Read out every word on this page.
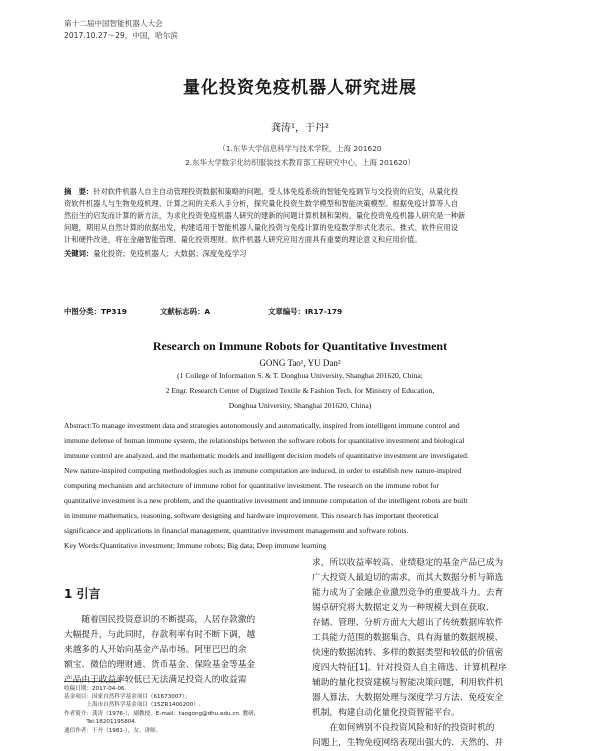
第十二届中国智能机器人大会
2017.10.27～29，中国，哈尔滨
量化投资免疫机器人研究进展
龚涛¹，于丹²
（1.东华大学信息科学与技术学院，上海 201620
2.东华大学数字化纺织服装技术教育部工程研究中心，上海 201620）
摘　要：针对软件机器人自主自动管理投资数据和策略的问题，受人体免疫系统的智能免疫调节与交投资的启发，从量化投
资软件机器人与生物免疫机理、计算之间的关系入手分析，探究量化投资生数学模型和智能决策模型。根据免疫计算等人自
然衍生的启发而计算的新方法，为求化投资免疫机器人研究的建新的问题计算机制和架构。量化投资免疫机器人研究是一种新
问题，期用从自然计算的依据出发，构建适用于智能机器人量化投资与免疫计算的免疫数学形式化表示、推式、软件应用设
计和硬件改进，将在金融智能管理、量化投资理财、软件机器人研究应用方面具有重要的理论意义和应用价值。
关键词：量化投资；免疫机器人；大数据；深度免疫学习
中图分类：TP319	文献标志码：A	文章编号：IR17-179
Research on Immune Robots for Quantitative Investment
GONG Tao¹, YU Dan²
(1 College of Information S. & T. Donghua University, Shanghai 201620, China;
2 Engr. Research Center of Digitized Textile & Fashion Tech. for Ministry of Education,
Donghua University, Shanghai 201620, China)
Abstract:To manage investment data and strategies autonomously and automatically, inspired from intelligent immune control and
immune defense of human immune system, the relationships between the software robots for quantitative investment and biological
immune control are analyzed, and the mathematic models and intelligent decision models of quantitative investment are investigated.
New nature-inspired computing methodologies such as immune computation are induced, in order to establish new nature-inspired
computing mechanism and architecture of immune robot for quantitative investment. The research on the immune robot for
quantitative investment is a new problem, and the quantitative investment and immune computation of the intelligent robots are built
in immune mathematics, reasoning, software designing and hardware improvement. This research has important theoretical
significance and applications in financial management, quantitative investment management and software robots.
Key Words:Quantitative investment; Immune robots; Big data; Deep immune learning
1 引言
　　随着国民投资意识的不断提高，人居存款激的
大幅提升，与此同时，存款利率有时不断下调，越
来越多的人开始向基金产品市场。阿里巴巴的余
额宝、微信的理财通、货币基金、保险基金等基金
产品由于收益率较低已无法满足投资人的收益需
求，所以收益率较高、业绩稳定的基金产品已成为
广大投资人最迫切的需求，而其大数据分析与筛选
能力成为了金融企业激烈竞争的重要战斗力。去育
锡卓研究将大数据定义为一种规模大到在获取、
存储、管理、分析方面大大超出了传统数据库软件
工具能力范围的数据集合，具有海量的数据规模、
快速的数据流转、多样的数据类型和较低的价值密
度四大特征[1]。针对投资人自主筛选、计算机程序
辅助的量化投资建模与智能决策问题，利用软件机
器人算法、大数据处理与深度学习方法、免疫安全
机制，构建自动化量化投资智能平台。
　　在如何辨别不良投资风险和好的投资时机的
问题上，生物免疫网络表现出强大的、天然的、并
收稿日期：2017-04-06.
基金项目：国家自然科学基金项目（61673007）；
　　　　上海市自然科学基金项目（15ZR1400200）.
作者简介：龚涛（1976-），副教授，E-mail：taogong@dhu.edu.cn. 教研，
　　　　Tel:18201195804.
通信作者：于丹（1981-），女，讲师。
